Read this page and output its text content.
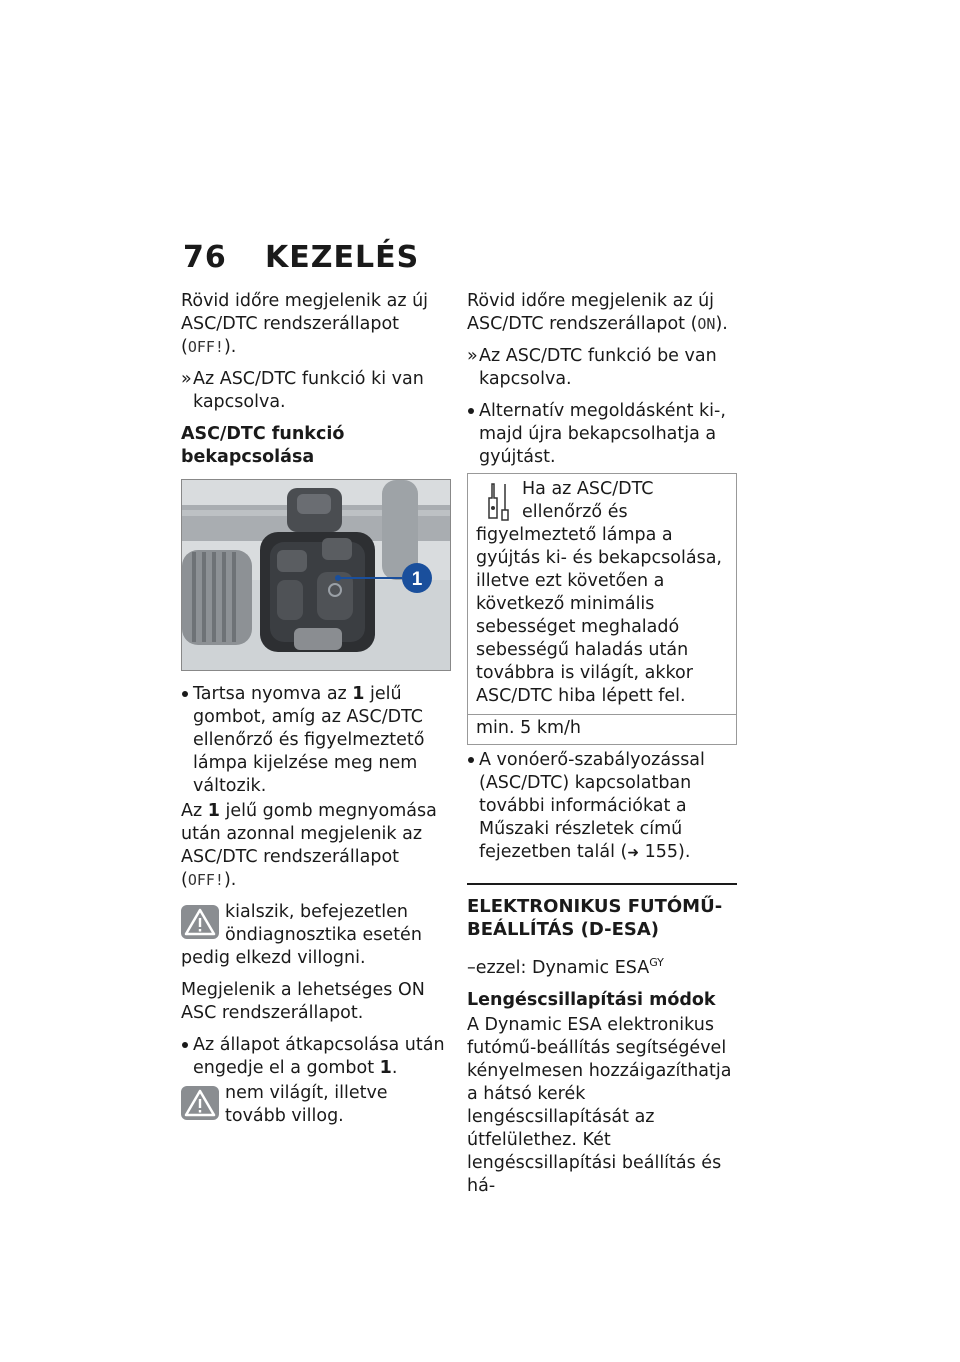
76 KEZELÉS

Rövid időre megjelenik az új ASC/DTC rendszerállapot (OFF!).

» Az ASC/DTC funkció ki van kapcsolva.
ASC/DTC funkció bekapcsolása
1
Tartsa nyomva az 1 jelű gombot, amíg az ASC/DTC ellenőrző és figyelmeztető lámpa kijelzése meg nem változik.

Az 1 jelű gomb megnyomása után azonnal megjelenik az ASC/DTC rendszerállapot (OFF!).

kialszik, befejezetlen öndiagnosztika esetén pedig elkezd villogni.

Megjelenik a lehetséges ON ASC rendszerállapot.

Az állapot átkapcsolása után engedje el a gombot 1.
nem világít, illetve tovább villog.

Rövid időre megjelenik az új ASC/DTC rendszerállapot (ON).

» Az ASC/DTC funkció be van kapcsolva.
Alternatív megoldásként ki-, majd újra bekapcsolhatja a gyújtást.
Ha az ASC/DTC ellenőrző és figyelmeztető lámpa a gyújtás ki- és bekapcsolása, illetve ezt követően a következő minimális sebességet meghaladó sebességű haladás után továbbra is világít, akkor ASC/DTC hiba lépett fel.
min. 5 km/h
A vonóerő-szabályozással (ASC/DTC) kapcsolatban további információkat a Műszaki részletek című fejezetben talál (➜ 155).
ELEKTRONIKUS FUTÓMŰ-BEÁLLÍTÁS (D-ESA)

–ezzel: Dynamic $ESA^{GY}$

Lengéscsillapítási módok

A Dynamic ESA elektronikus futómű-beállítás segítségével kényelmesen hozzáigazíthatja a hátsó kerék lengéscsillapítását az útfelülethez. Két lengéscsillapítási beállítás és há-
